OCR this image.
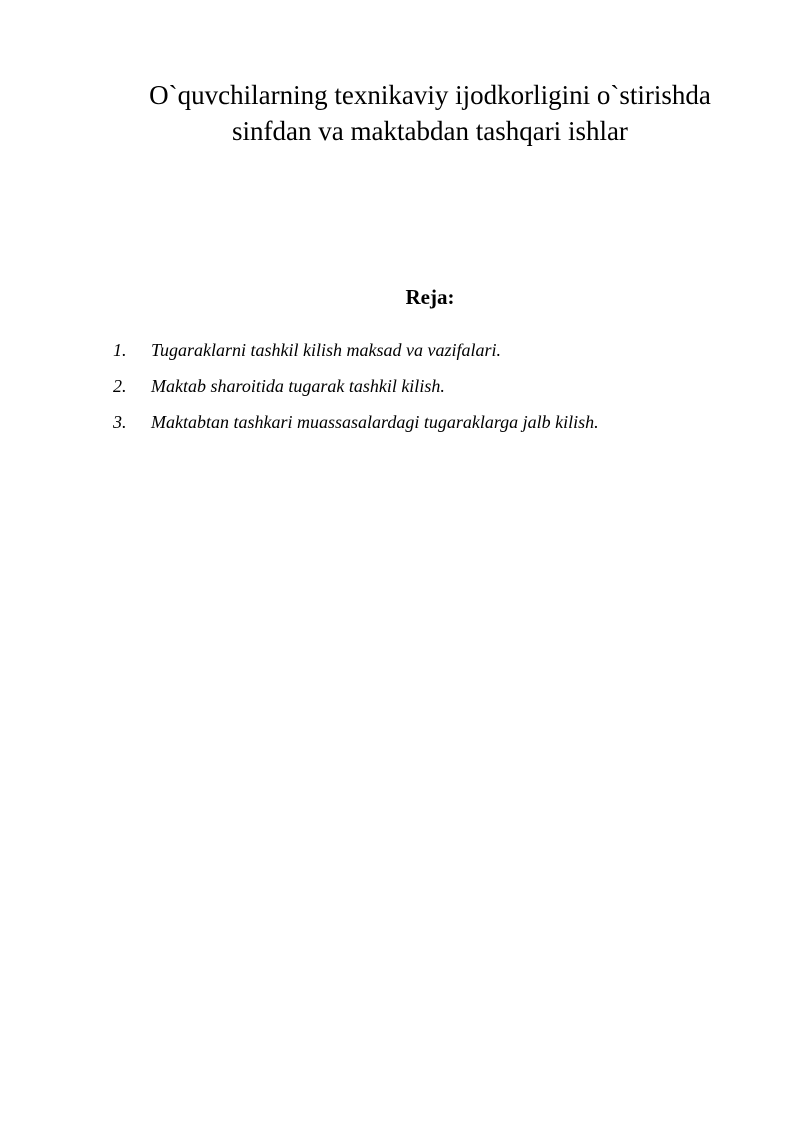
O`quvchilarning texnikaviy ijodkorligini o`stirishda
sinfdan va maktabdan tashqari ishlar
Reja:
1.	Tugaraklarni tashkil kilish maksad va vazifalari.
2.	Maktab sharoitida tugarak tashkil kilish.
3.	Maktabtan tashkari muassasalardagi tugaraklarga jalb kilish.
